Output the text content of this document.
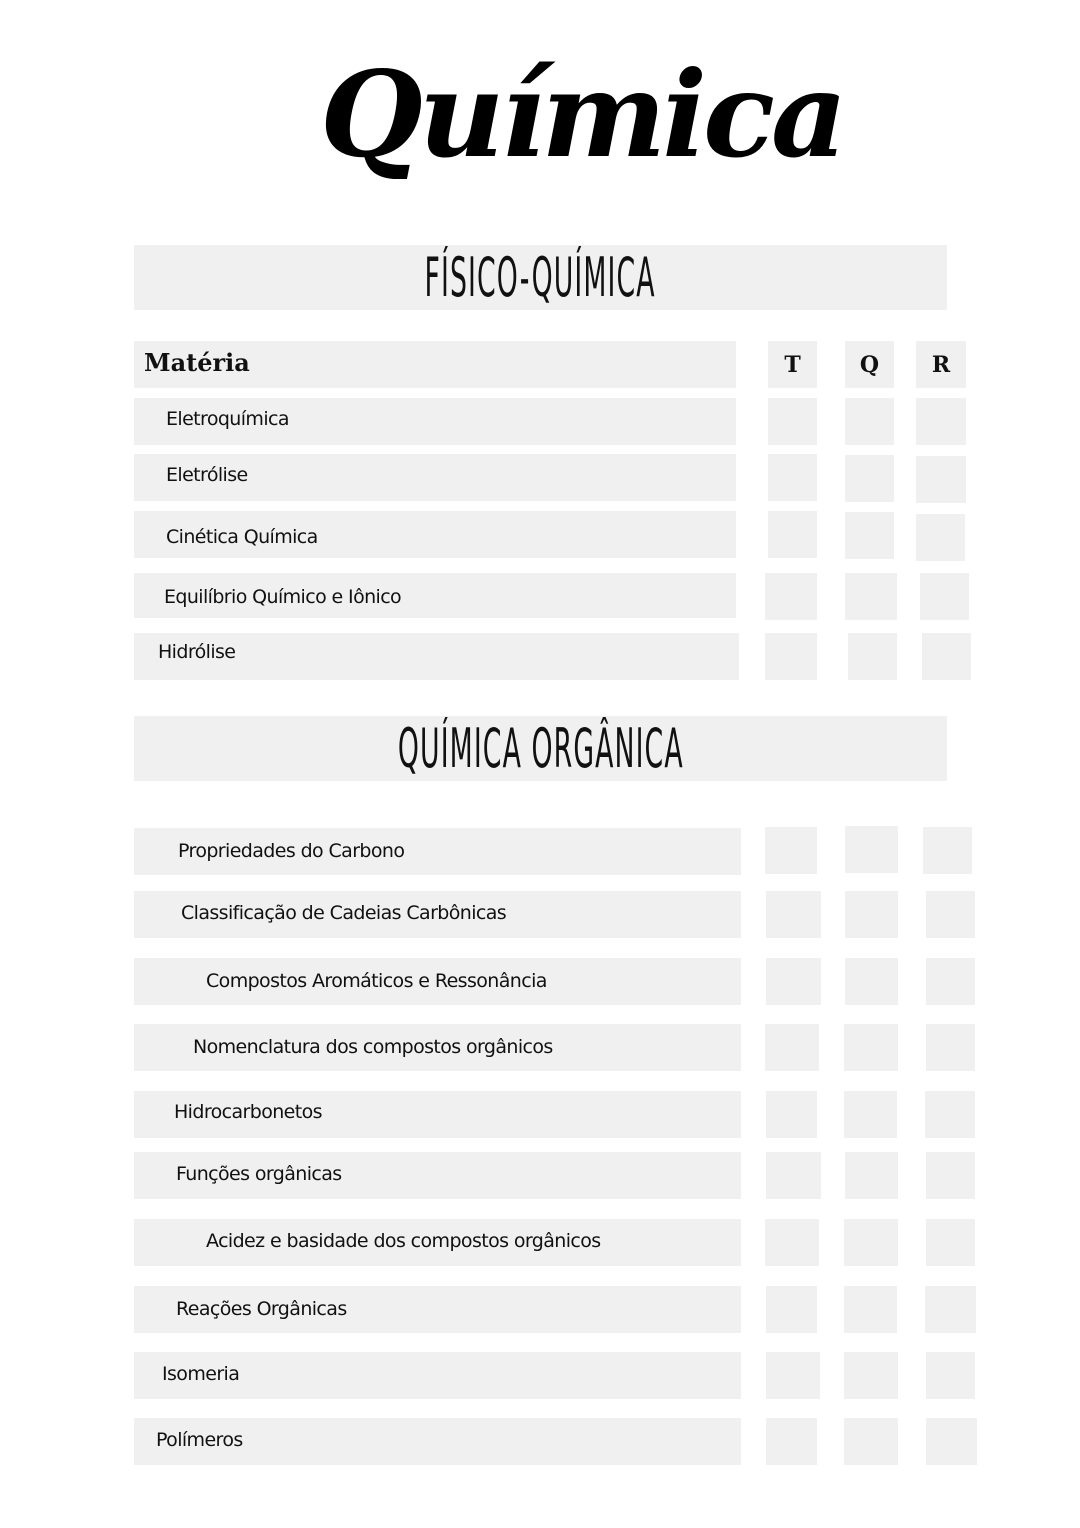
Química
FÍSICO-QUÍMICA
Matéria	T	Q	R
Eletroquímica
Eletrólise
Cinética Química
Equilíbrio Químico e Iônico
Hidrólise
QUÍMICA ORGÂNICA
Propriedades do Carbono
Classificação de Cadeias Carbônicas
Compostos Aromáticos e Ressonância
Nomenclatura dos compostos orgânicos
Hidrocarbonetos
Funções orgânicas
Acidez e basidade dos compostos orgânicos
Reações Orgânicas
Isomeria
Polímeros
